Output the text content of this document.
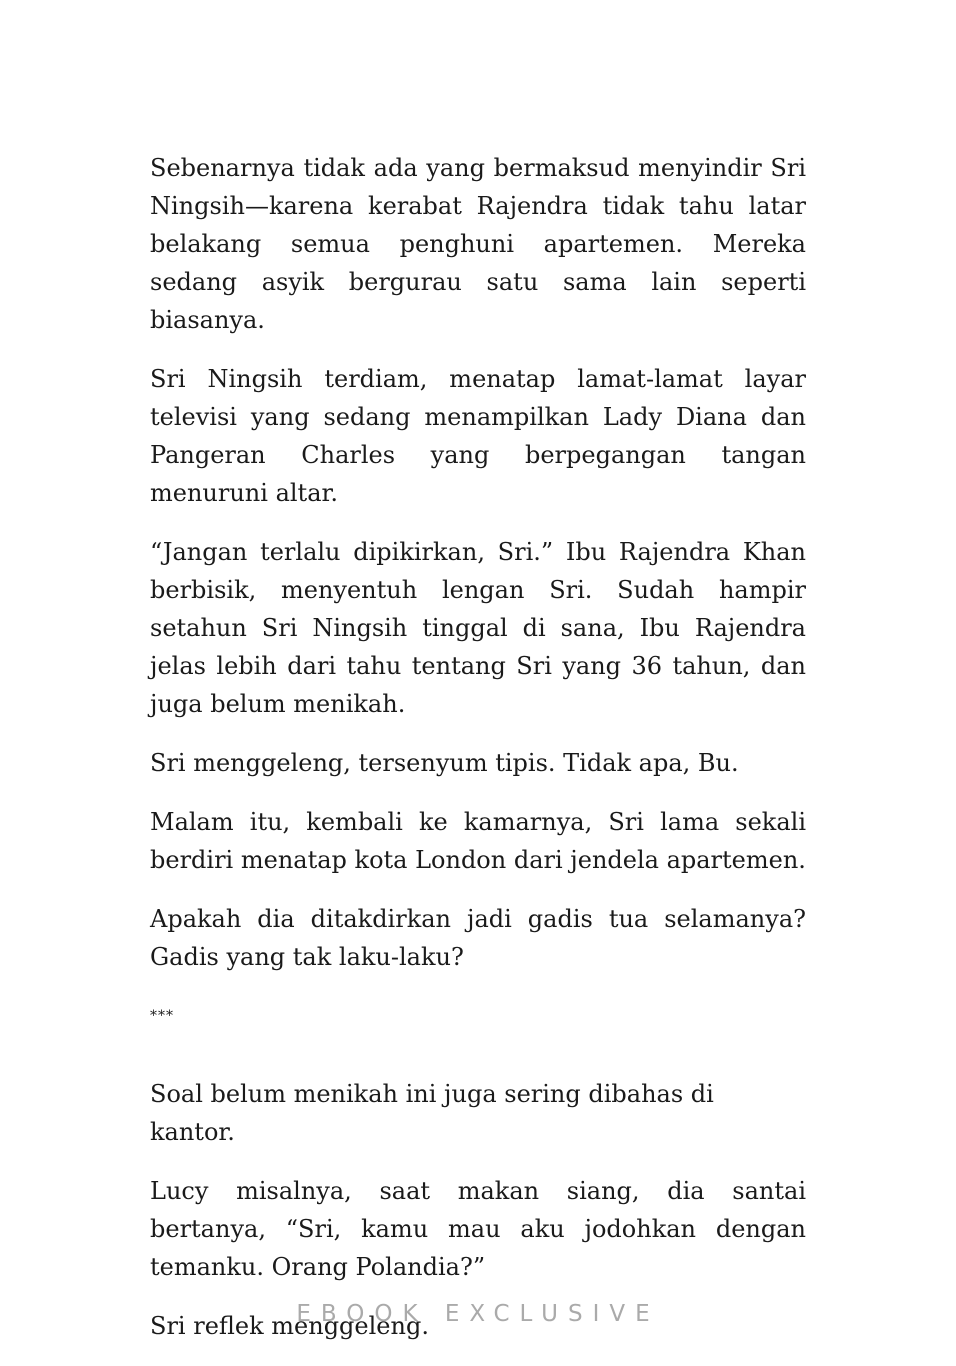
Sebenarnya tidak ada yang bermaksud menyindir Sri Ningsih—karena kerabat Rajendra tidak tahu latar belakang semua penghuni apartemen. Mereka sedang asyik bergurau satu sama lain seperti biasanya.

Sri Ningsih terdiam, menatap lamat-lamat layar televisi yang sedang menampilkan Lady Diana dan Pangeran Charles yang berpegangan tangan menuruni altar.

“Jangan terlalu dipikirkan, Sri.” Ibu Rajendra Khan berbisik, menyentuh lengan Sri. Sudah hampir setahun Sri Ningsih tinggal di sana, Ibu Rajendra jelas lebih dari tahu tentang Sri yang 36 tahun, dan juga belum menikah.

Sri menggeleng, tersenyum tipis. Tidak apa, Bu.

Malam itu, kembali ke kamarnya, Sri lama sekali berdiri menatap kota London dari jendela apartemen.

Apakah dia ditakdirkan jadi gadis tua selamanya? Gadis yang tak laku-laku?

***

Soal belum menikah ini juga sering dibahas di kantor.

Lucy misalnya, saat makan siang, dia santai bertanya, “Sri, kamu mau aku jodohkan dengan temanku. Orang Polandia?”

Sri reflek menggeleng.

EBOOK EXCLUSIVE
